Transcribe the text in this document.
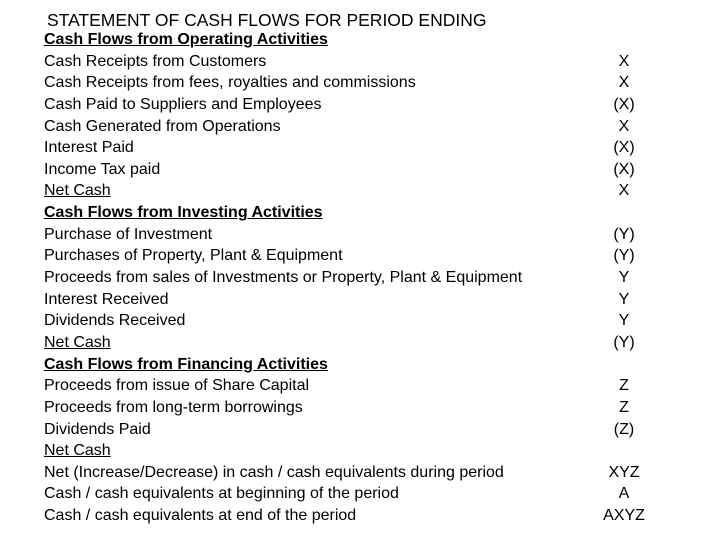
STATEMENT OF CASH FLOWS FOR PERIOD ENDING
Cash Flows from Operating Activities
Cash Receipts from Customers	X
Cash Receipts from fees, royalties and commissions	X
Cash Paid to Suppliers and Employees	(X)
Cash Generated from Operations	X
Interest Paid	(X)
Income Tax paid	(X)
Net Cash	X
Cash Flows from Investing Activities
Purchase of Investment	(Y)
Purchases of Property, Plant & Equipment	(Y)
Proceeds from sales of Investments or Property, Plant & Equipment	Y
Interest Received	Y
Dividends Received	Y
Net Cash	(Y)
Cash Flows from Financing Activities
Proceeds from issue of Share Capital	Z
Proceeds from long-term borrowings	Z
Dividends Paid	(Z)
Net Cash
Net (Increase/Decrease) in cash / cash equivalents during period	XYZ
Cash / cash equivalents at beginning of the period	A
Cash / cash equivalents at end of the period	AXYZ
